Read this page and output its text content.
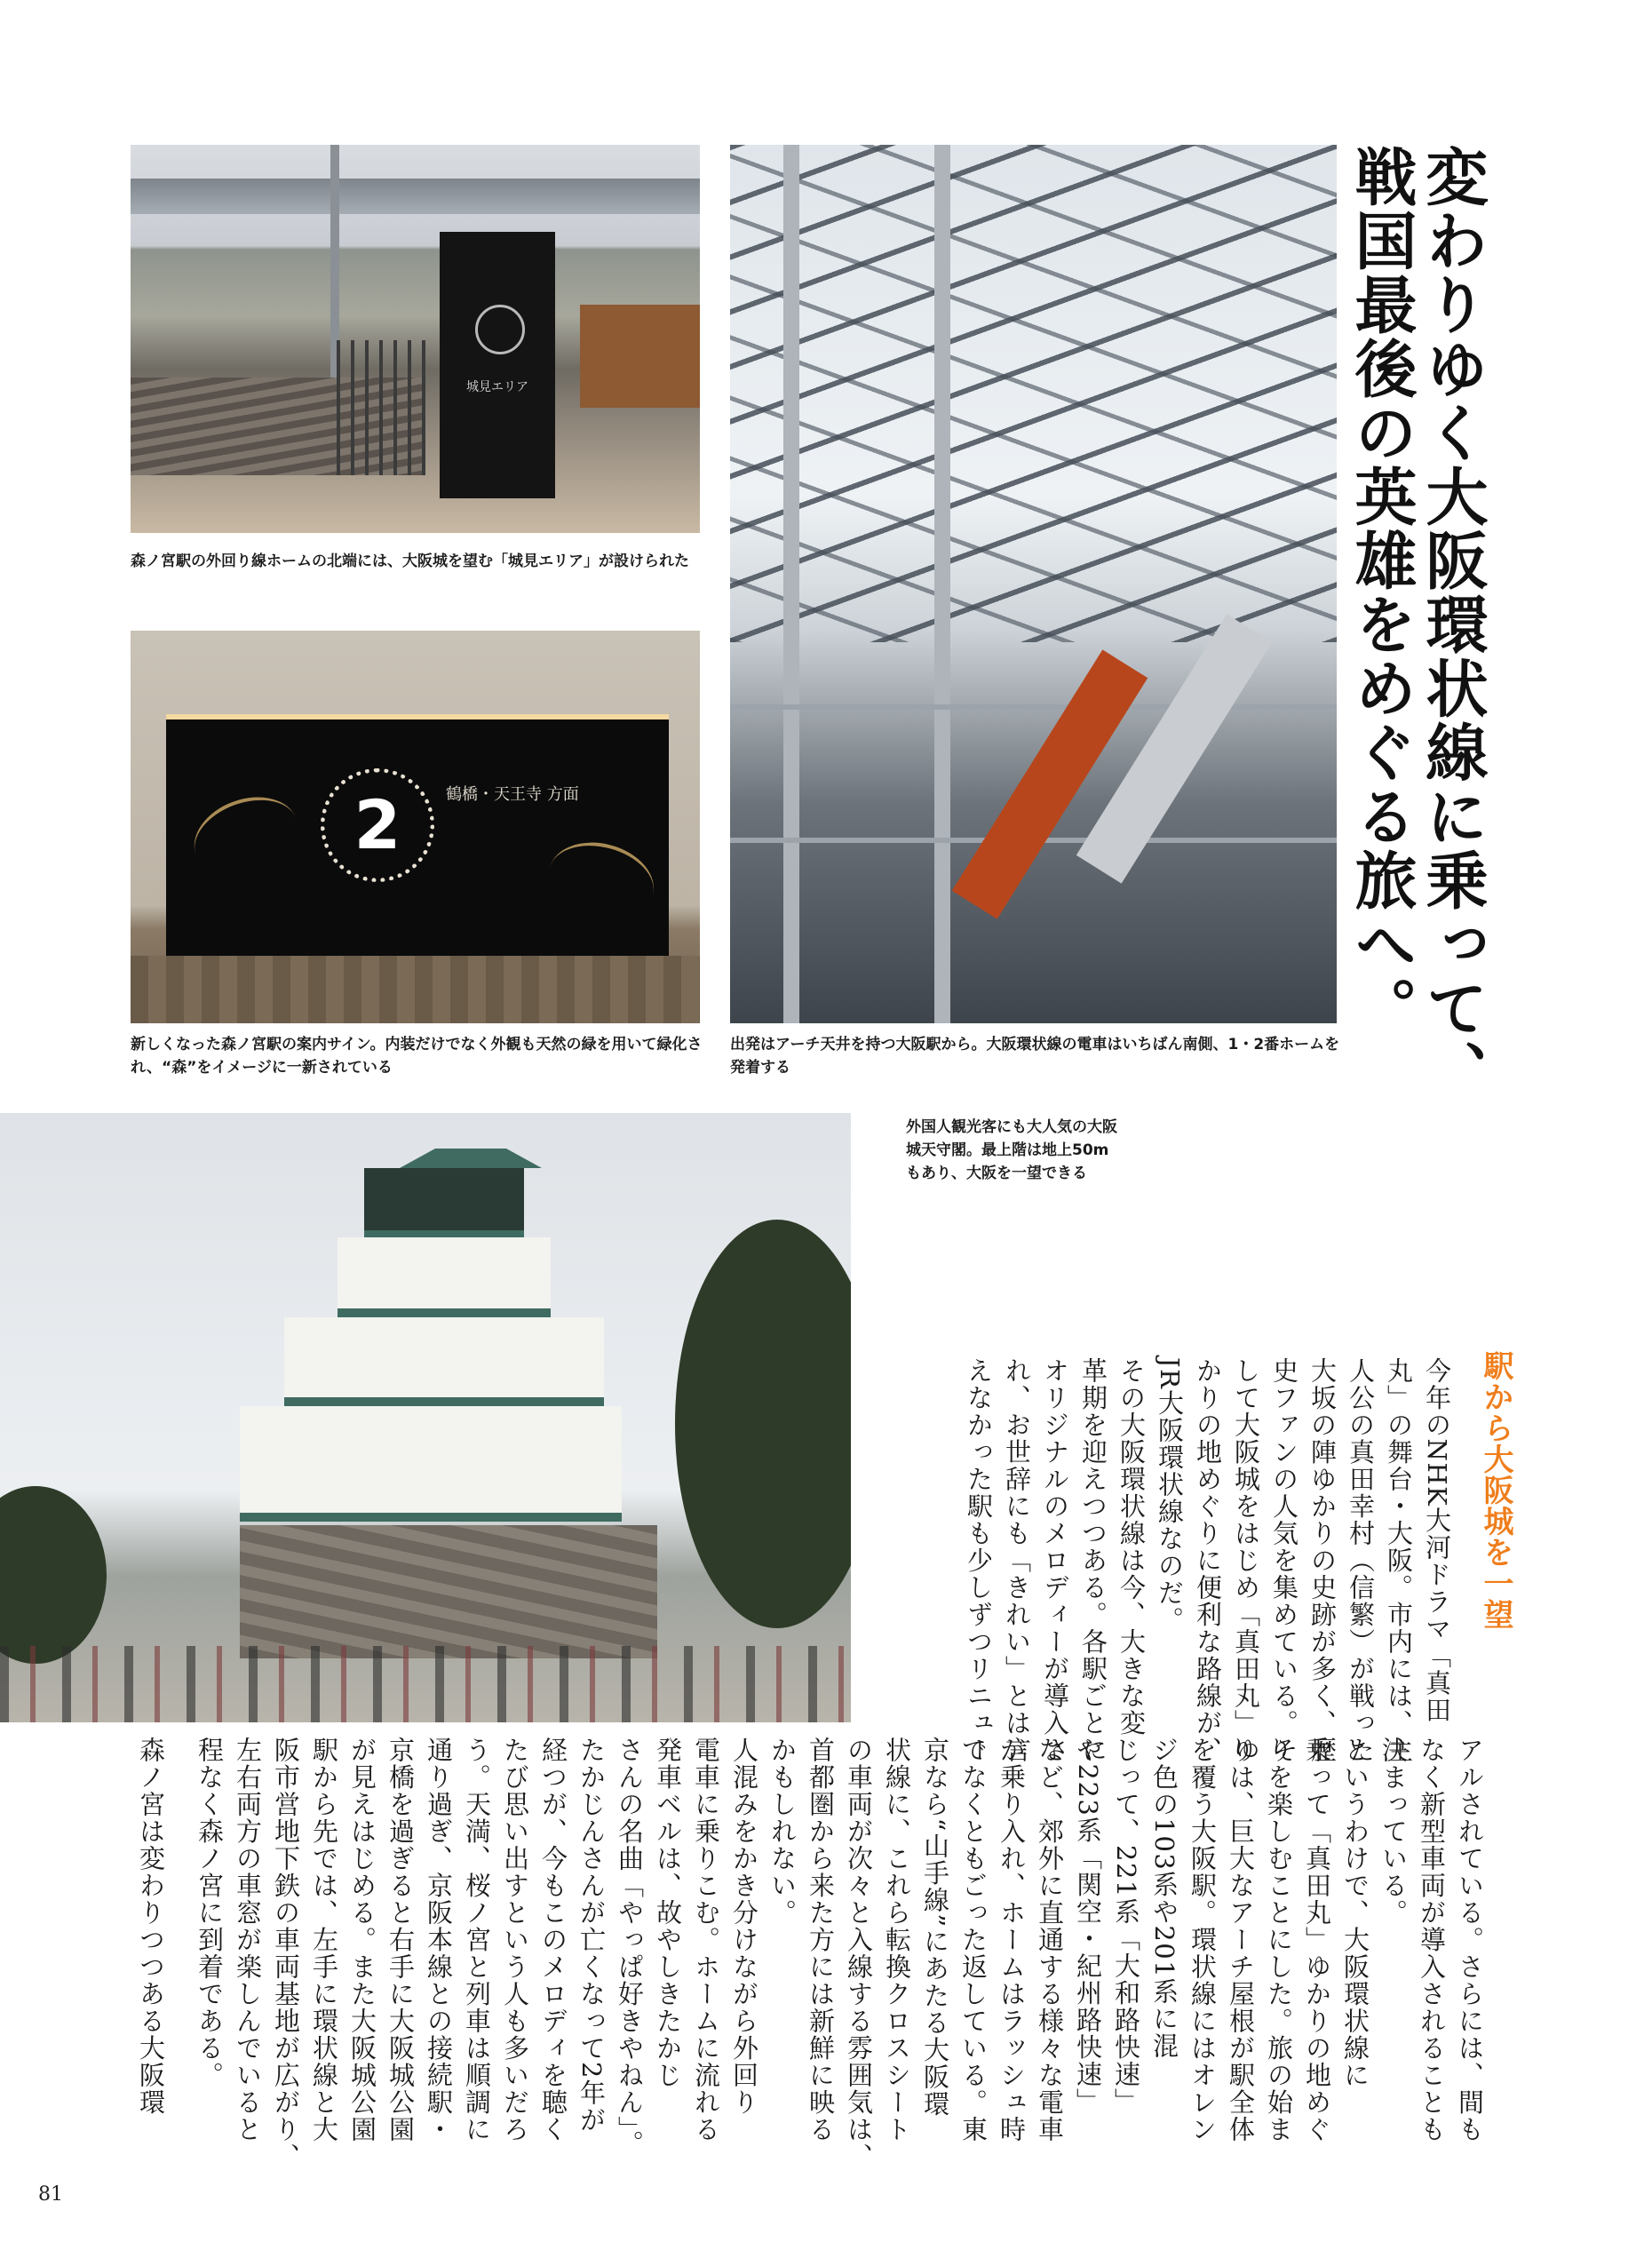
城見エリア
森ノ宮駅の外回り線ホームの北端には、大阪城を望む「城見エリア」が設けられた
2	鶴橋・天王寺 方面
新しくなった森ノ宮駅の案内サイン。内装だけでなく外観も天然の緑を用いて緑化され、“森”をイメージに一新されている
出発はアーチ天井を持つ大阪駅から。大阪環状線の電車はいちばん南側、1・2番ホームを発着する
外国人観光客にも大人気の大阪城天守閣。最上階は地上50mもあり、大阪を一望できる
変わりゆく大阪環状線に乗って、
戦国最後の英雄をめぐる旅へ。
駅から大阪城を一望
今年のNHK大河ドラマ「真田
丸」の舞台・大阪。市内には、主
人公の真田幸村（信繁）が戦った
大坂の陣ゆかりの史跡が多く、歴
史ファンの人気を集めている。そ
して大阪城をはじめ「真田丸」ゆ
かりの地めぐりに便利な路線が、
JR大阪環状線なのだ。
その大阪環状線は今、大きな変
革期を迎えつつある。各駅ごとに
オリジナルのメロディーが導入さ
れ、お世辞にも「きれい」とは言
えなかった駅も少しずつリニュー
アルされている。さらには、間も
なく新型車両が導入されることも
決まっている。
というわけで、大阪環状線に
乗って「真田丸」ゆかりの地めぐ
りを楽しむことにした。旅の始ま
りは、巨大なアーチ屋根が駅全体
を覆う大阪駅。環状線にはオレン
ジ色の103系や201系に混
じって、221系「大和路快速」
や223系「関空・紀州路快速」
など、郊外に直通する様々な電車
が乗り入れ、ホームはラッシュ時
でなくともごった返している。東
京なら“山手線”にあたる大阪環
状線に、これら転換クロスシート
の車両が次々と入線する雰囲気は、
首都圏から来た方には新鮮に映る
かもしれない。
人混みをかき分けながら外回り
電車に乗りこむ。ホームに流れる
発車ベルは、故やしきたかじ
さんの名曲「やっぱ好きやねん」。
たかじんさんが亡くなって2年が
経つが、今もこのメロディを聴く
たび思い出すという人も多いだろ
う。天満、桜ノ宮と列車は順調に
通り過ぎ、京阪本線との接続駅・
京橋を過ぎると右手に大阪城公園
が見えはじめる。また大阪城公園
駅から先では、左手に環状線と大
阪市営地下鉄の車両基地が広がり、
左右両方の車窓が楽しんでいると
程なく森ノ宮に到着である。
森ノ宮は変わりつつある大阪環
81
